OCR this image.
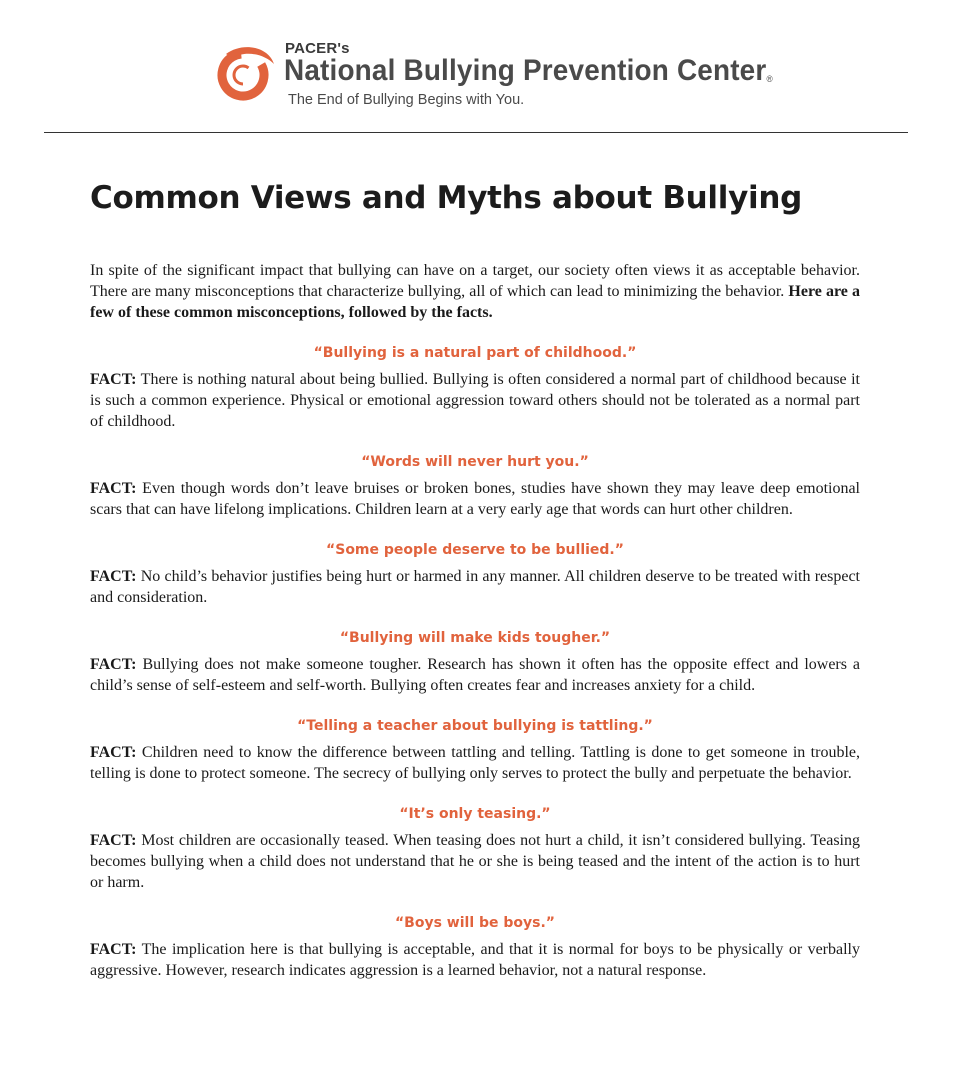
PACER's
National Bullying Prevention Center®
The End of Bullying Begins with You.
Common Views and Myths about Bullying

In spite of the significant impact that bullying can have on a target, our society often views it as acceptable behavior. There are many misconceptions that characterize bullying, all of which can lead to minimizing the behavior. Here are a few of these common misconceptions, followed by the facts.

“Bullying is a natural part of childhood.”

FACT: There is nothing natural about being bullied. Bullying is often considered a normal part of childhood because it is such a common experience. Physical or emotional aggression toward others should not be tolerated as a normal part of childhood.

“Words will never hurt you.”

FACT: Even though words don’t leave bruises or broken bones, studies have shown they may leave deep emotional scars that can have lifelong implications. Children learn at a very early age that words can hurt other children.

“Some people deserve to be bullied.”

FACT: No child’s behavior justifies being hurt or harmed in any manner. All children deserve to be treated with respect and consideration.

“Bullying will make kids tougher.”

FACT: Bullying does not make someone tougher. Research has shown it often has the opposite effect and lowers a child’s sense of self-esteem and self-worth. Bullying often creates fear and increases anxiety for a child.

“Telling a teacher about bullying is tattling.”

FACT: Children need to know the difference between tattling and telling. Tattling is done to get someone in trouble, telling is done to protect someone. The secrecy of bullying only serves to protect the bully and perpetuate the behavior.

“It’s only teasing.”

FACT: Most children are occasionally teased. When teasing does not hurt a child, it isn’t considered bullying. Teasing becomes bullying when a child does not understand that he or she is being teased and the intent of the action is to hurt or harm.

“Boys will be boys.”

FACT: The implication here is that bullying is acceptable, and that it is normal for boys to be physically or verbally aggressive. However, research indicates aggression is a learned behavior, not a natural response.
